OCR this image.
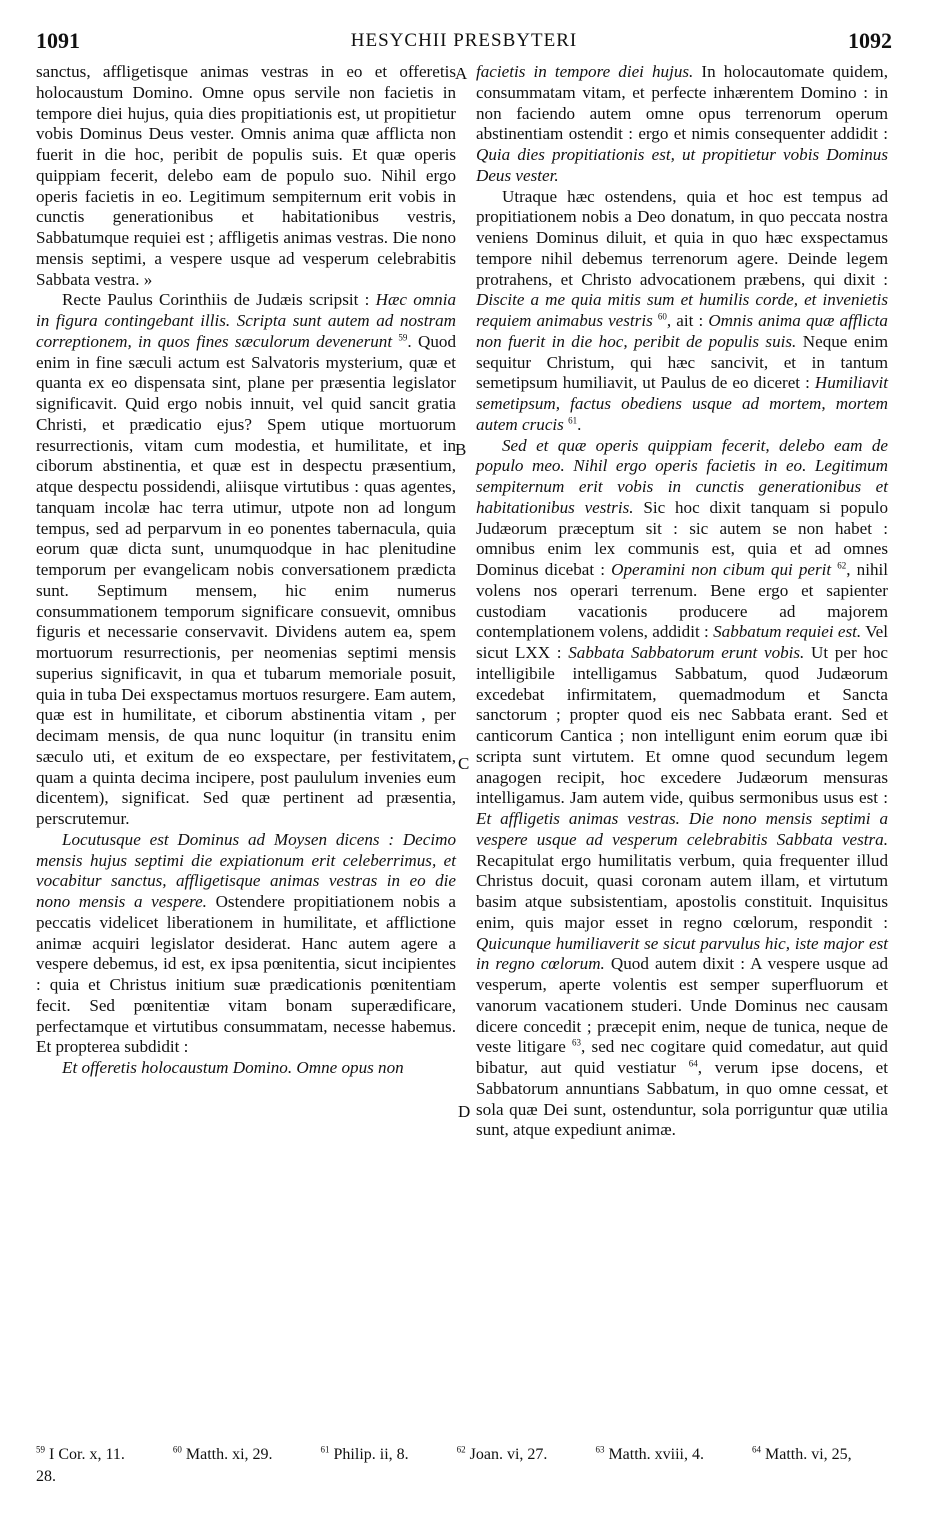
1091	HESYCHII PRESBYTERI	1092
A
B
C
D

sanctus, affligetisque animas vestras in eo et offeretis holocaustum Domino. Omne opus servile non facietis in tempore diei hujus, quia dies propitiationis est, ut propitietur vobis Dominus Deus vester. Omnis anima quæ afflicta non fuerit in die hoc, peribit de populis suis. Et quæ operis quippiam fecerit, delebo eam de populo suo. Nihil ergo operis facietis in eo. Legitimum sempiternum erit vobis in cunctis generationibus et habitationibus vestris, Sabbatumque requiei est ; affligetis animas vestras. Die nono mensis septimi, a vespere usque ad vesperum celebrabitis Sabbata vestra. »

Recte Paulus Corinthiis de Judæis scripsit : Hæc omnia in figura contingebant illis. Scripta sunt autem ad nostram correptionem, in quos fines sæculorum devenerunt $^{59}$. Quod enim in fine sæculi actum est Salvatoris mysterium, quæ et quanta ex eo dispensata sint, plane per præsentia legislator significavit. Quid ergo nobis innuit, vel quid sancit gratia Christi, et prædicatio ejus? Spem utique mortuorum resurrectionis, vitam cum modestia, et humilitate, et in ciborum abstinentia, et quæ est in despectu præsentium, atque despectu possidendi, aliisque virtutibus : quas agentes, tanquam incolæ hac terra utimur, utpote non ad longum tempus, sed ad perparvum in eo ponentes tabernacula, quia eorum quæ dicta sunt, unumquodque in hac plenitudine temporum per evangelicam nobis conversationem prædicta sunt. Septimum mensem, hic enim numerus consummationem temporum significare consuevit, omnibus figuris et necessarie conservavit. Dividens autem ea, spem mortuorum resurrectionis, per neomenias septimi mensis superius significavit, in qua et tubarum memoriale posuit, quia in tuba Dei exspectamus mortuos resurgere. Eam autem, quæ est in humilitate, et ciborum abstinentia vitam , per decimam mensis, de qua nunc loquitur (in transitu enim sæculo uti, et exitum de eo exspectare, per festivitatem, quam a quinta decima incipere, post paululum invenies eum dicentem), significat. Sed quæ pertinent ad præsentia, perscrutemur.

Locutusque est Dominus ad Moysen dicens : Decimo mensis hujus septimi die expiationum erit celeberrimus, et vocabitur sanctus, affligetisque animas vestras in eo die nono mensis a vespere. Ostendere propitiationem nobis a peccatis videlicet liberationem in humilitate, et afflictione animæ acquiri legislator desiderat. Hanc autem agere a vespere debemus, id est, ex ipsa pœnitentia, sicut incipientes : quia et Christus initium suæ prædicationis pœnitentiam fecit. Sed pœnitentiæ vitam bonam superædificare, perfectamque et virtutibus consummatam, necesse habemus. Et propterea subdidit :

Et offeretis holocaustum Domino. Omne opus non

facietis in tempore diei hujus. In holocautomate quidem, consummatam vitam, et perfecte inhærentem Domino : in non faciendo autem omne opus terrenorum operum abstinentiam ostendit : ergo et nimis consequenter addidit : Quia dies propitiationis est, ut propitietur vobis Dominus Deus vester.

Utraque hæc ostendens, quia et hoc est tempus ad propitiationem nobis a Deo donatum, in quo peccata nostra veniens Dominus diluit, et quia in quo hæc exspectamus tempore nihil debemus terrenorum agere. Deinde legem protrahens, et Christo advocationem præbens, qui dixit : Discite a me quia mitis sum et humilis corde, et invenietis requiem animabus vestris $^{60}$, ait : Omnis anima quæ afflicta non fuerit in die hoc, peribit de populis suis. Neque enim sequitur Christum, qui hæc sancivit, et in tantum semetipsum humiliavit, ut Paulus de eo diceret : Humiliavit semetipsum, factus obediens usque ad mortem, mortem autem crucis $^{61}$.

Sed et quæ operis quippiam fecerit, delebo eam de populo meo. Nihil ergo operis facietis in eo. Legitimum sempiternum erit vobis in cunctis generationibus et habitationibus vestris. Sic hoc dixit tanquam si populo Judæorum præceptum sit : sic autem se non habet : omnibus enim lex communis est, quia et ad omnes Dominus dicebat : Operamini non cibum qui perit $^{62}$, nihil volens nos operari terrenum. Bene ergo et sapienter custodiam vacationis producere ad majorem contemplationem volens, addidit : Sabbatum requiei est. Vel sicut LXX : Sabbata Sabbatorum erunt vobis. Ut per hoc intelligibile intelligamus Sabbatum, quod Judæorum excedebat infirmitatem, quemadmodum et Sancta sanctorum ; propter quod eis nec Sabbata erant. Sed et canticorum Cantica ; non intelligunt enim eorum quæ ibi scripta sunt virtutem. Et omne quod secundum legem anagogen recipit, hoc excedere Judæorum mensuras intelligamus. Jam autem vide, quibus sermonibus usus est : Et affligetis animas vestras. Die nono mensis septimi a vespere usque ad vesperum celebrabitis Sabbata vestra. Recapitulat ergo humilitatis verbum, quia frequenter illud Christus docuit, quasi coronam autem illam, et virtutum basim atque subsistentiam, apostolis constituit. Inquisitus enim, quis major esset in regno cœlorum, respondit : Quicunque humiliaverit se sicut parvulus hic, iste major est in regno cœlorum. Quod autem dixit : A vespere usque ad vesperum, aperte volentis est semper superfluorum et vanorum vacationem studeri. Unde Dominus nec causam dicere concedit ; præcepit enim, neque de tunica, neque de veste litigare $^{63}$, sed nec cogitare quid comedatur, aut quid bibatur, aut quid vestiatur $^{64}$, verum ipse docens, et Sabbatorum annuntians Sabbatum, in quo omne cessat, et sola quæ Dei sunt, ostenduntur, sola porriguntur quæ utilia sunt, atque expediunt animæ.

$^{59}$ I Cor. x, 11.	$^{60}$ Matth. xi, 29.	$^{61}$ Philip. ii, 8.	$^{62}$ Joan. vi, 27.	$^{63}$ Matth. xviii, 4.	$^{64}$ Matth. vi, 25, 28.
